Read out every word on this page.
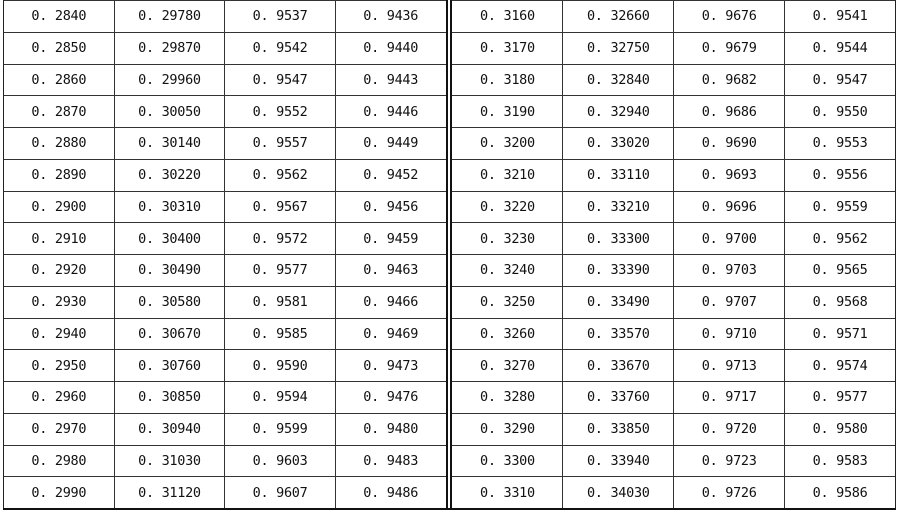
0. 2840	0. 29780	0. 9537	0. 9436
0. 2850	0. 29870	0. 9542	0. 9440
0. 2860	0. 29960	0. 9547	0. 9443
0. 2870	0. 30050	0. 9552	0. 9446
0. 2880	0. 30140	0. 9557	0. 9449
0. 2890	0. 30220	0. 9562	0. 9452
0. 2900	0. 30310	0. 9567	0. 9456
0. 2910	0. 30400	0. 9572	0. 9459
0. 2920	0. 30490	0. 9577	0. 9463
0. 2930	0. 30580	0. 9581	0. 9466
0. 2940	0. 30670	0. 9585	0. 9469
0. 2950	0. 30760	0. 9590	0. 9473
0. 2960	0. 30850	0. 9594	0. 9476
0. 2970	0. 30940	0. 9599	0. 9480
0. 2980	0. 31030	0. 9603	0. 9483
0. 2990	0. 31120	0. 9607	0. 9486
0. 3160	0. 32660	0. 9676	0. 9541
0. 3170	0. 32750	0. 9679	0. 9544
0. 3180	0. 32840	0. 9682	0. 9547
0. 3190	0. 32940	0. 9686	0. 9550
0. 3200	0. 33020	0. 9690	0. 9553
0. 3210	0. 33110	0. 9693	0. 9556
0. 3220	0. 33210	0. 9696	0. 9559
0. 3230	0. 33300	0. 9700	0. 9562
0. 3240	0. 33390	0. 9703	0. 9565
0. 3250	0. 33490	0. 9707	0. 9568
0. 3260	0. 33570	0. 9710	0. 9571
0. 3270	0. 33670	0. 9713	0. 9574
0. 3280	0. 33760	0. 9717	0. 9577
0. 3290	0. 33850	0. 9720	0. 9580
0. 3300	0. 33940	0. 9723	0. 9583
0. 3310	0. 34030	0. 9726	0. 9586
